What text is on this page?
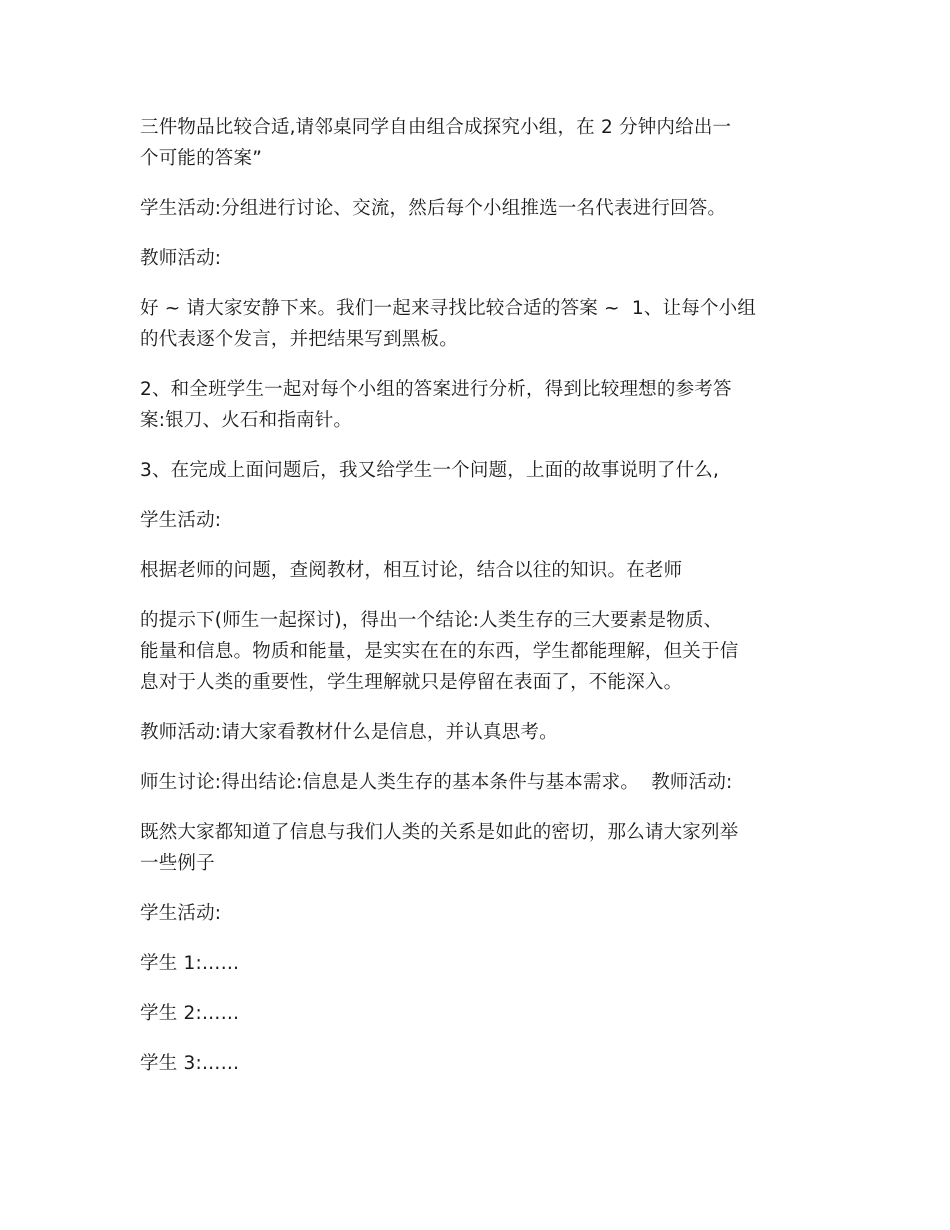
三件物品比较合适,请邻桌同学自由组合成探究小组，在 2 分钟内给出一
个可能的答案”

学生活动:分组进行讨论、交流，然后每个小组推选一名代表进行回答。

教师活动:

好 ~ 请大家安静下来。我们一起来寻找比较合适的答案 ~  1、让每个小组
的代表逐个发言，并把结果写到黑板。

2、和全班学生一起对每个小组的答案进行分析，得到比较理想的参考答
案:银刀、火石和指南针。

3、在完成上面问题后，我又给学生一个问题，上面的故事说明了什么,

学生活动:

根据老师的问题，查阅教材，相互讨论，结合以往的知识。在老师

的提示下(师生一起探讨)，得出一个结论:人类生存的三大要素是物质、
能量和信息。物质和能量，是实实在在的东西，学生都能理解，但关于信
息对于人类的重要性，学生理解就只是停留在表面了，不能深入。

教师活动:请大家看教材什么是信息，并认真思考。

师生讨论:得出结论:信息是人类生存的基本条件与基本需求。  教师活动:

既然大家都知道了信息与我们人类的关系是如此的密切，那么请大家列举
一些例子

学生活动:

学生 1:……

学生 2:……

学生 3:……
